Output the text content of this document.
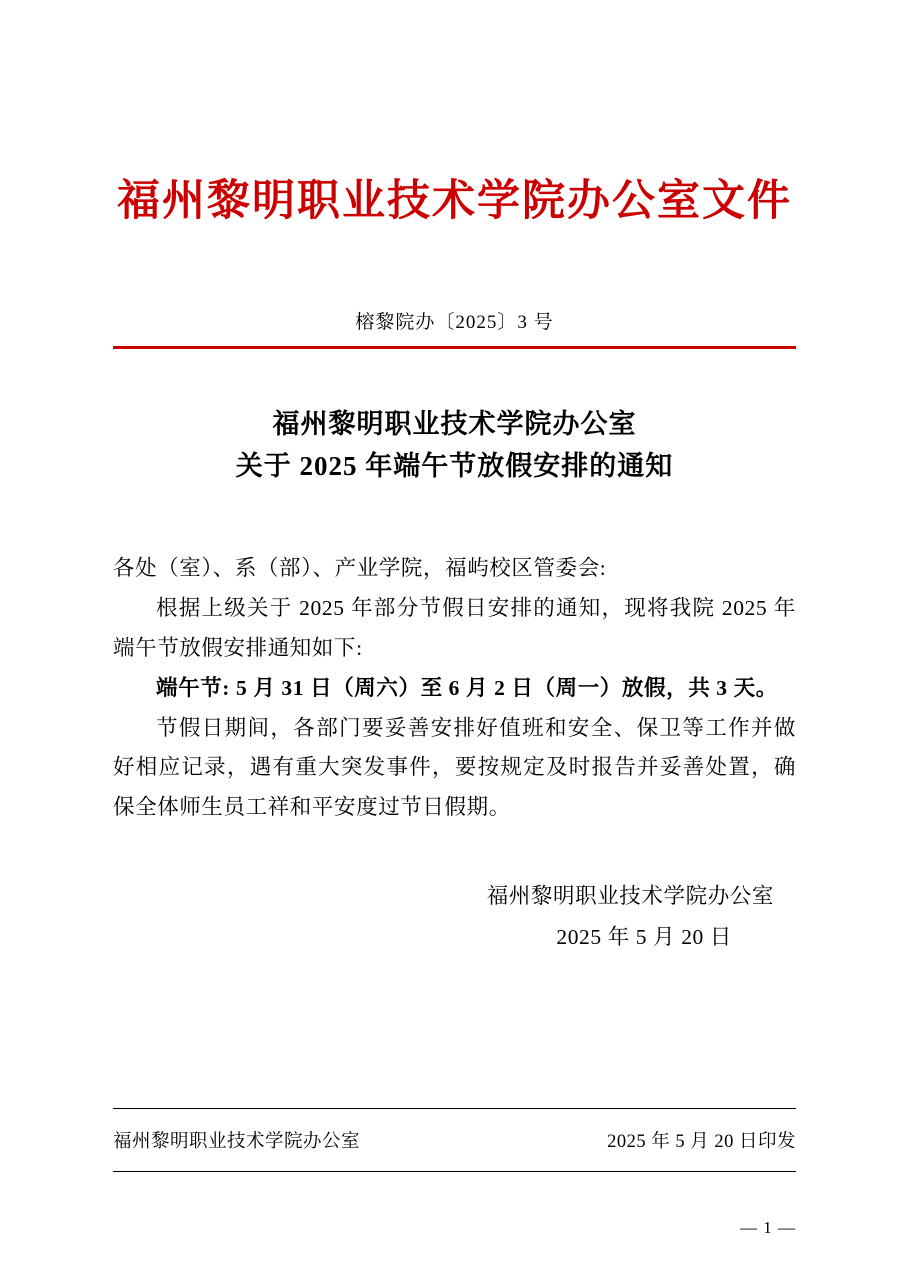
福州黎明职业技术学院办公室文件
榕黎院办〔2025〕3 号
福州黎明职业技术学院办公室
关于 2025 年端午节放假安排的通知

各处（室）、系（部）、产业学院，福屿校区管委会:

根据上级关于 2025 年部分节假日安排的通知，现将我院 2025 年端午节放假安排通知如下:

端午节: 5 月 31 日（周六）至 6 月 2 日（周一）放假，共 3 天。

节假日期间，各部门要妥善安排好值班和安全、保卫等工作并做好相应记录，遇有重大突发事件，要按规定及时报告并妥善处置，确保全体师生员工祥和平安度过节日假期。

福州黎明职业技术学院办公室
2025 年 5 月 20 日
福州黎明职业技术学院办公室	2025 年 5 月 20 日印发
— 1 —
